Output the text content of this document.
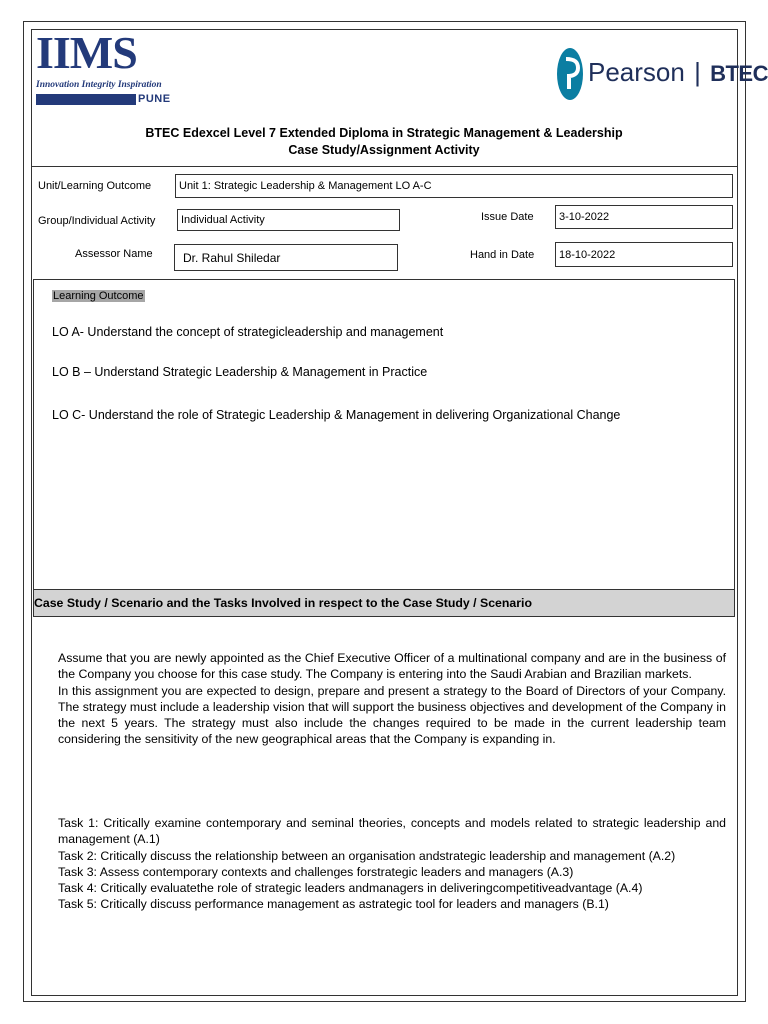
IIMS
Innovation Integrity Inspiration
PUNE
Pearson | BTEC
BTEC Edexcel Level 7 Extended Diploma in Strategic Management & Leadership
Case Study/Assignment Activity
Unit/Learning Outcome	Unit 1: Strategic Leadership & Management LO A-C
Group/Individual Activity	Individual Activity	Issue Date	3-10-2022
Assessor Name	Dr. Rahul Shiledar	Hand in Date	18-10-2022
Learning Outcome
LO A- Understand the concept of strategicleadership and management
LO B – Understand Strategic Leadership & Management in Practice
LO C- Understand the role of Strategic Leadership & Management in delivering Organizational Change
Case Study / Scenario and the Tasks Involved in respect to the Case Study / Scenario

Assume that you are newly appointed as the Chief Executive Officer of a multinational company and are in the business of the Company you choose for this case study. The Company is entering into the Saudi Arabian and Brazilian markets.

In this assignment you are expected to design, prepare and present a strategy to the Board of Directors of your Company. The strategy must include a leadership vision that will support the business objectives and development of the Company in the next 5 years. The strategy must also include the changes required to be made in the current leadership team considering the sensitivity of the new geographical areas that the Company is expanding in.

Task 1: Critically examine contemporary and seminal theories, concepts and models related to strategic leadership and management (A.1)

Task 2: Critically discuss the relationship between an organisation andstrategic leadership and management (A.2)

Task 3: Assess contemporary contexts and challenges forstrategic leaders and managers (A.3)

Task 4: Critically evaluatethe role of strategic leaders andmanagers in deliveringcompetitiveadvantage (A.4)

Task 5: Critically discuss performance management as astrategic tool for leaders and managers (B.1)
